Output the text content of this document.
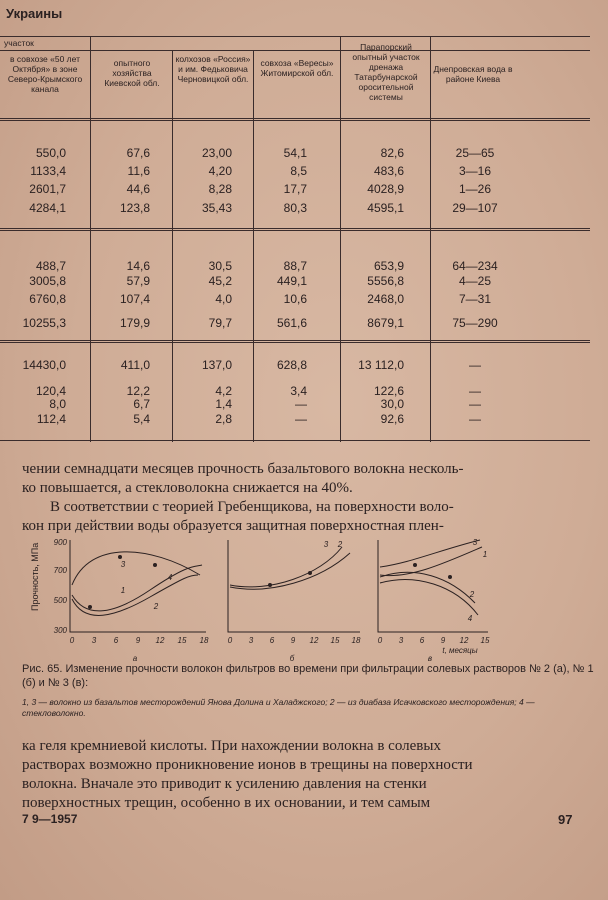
Украины
участок
в совхозе «50 лет Октября» в зоне Северо-Крымского канала
опытного хозяйства Киевской обл.
колхозов «Россия» и им. Федьковича Черновицкой обл.
совхоза «Вересы» Житомирской обл.
Парапорский опытный участок дренажа Татарбунарской оросительной системы
Днепровская вода в районе Киева
550,0	67,6	23,00	54,1	82,6	25—65
1133,4	11,6	4,20	8,5	483,6	3—16
2601,7	44,6	8,28	17,7	4028,9	1—26
4284,1	123,8	35,43	80,3	4595,1	29—107
488,7	14,6	30,5	88,7	653,9	64—234
3005,8	57,9	45,2	449,1	5556,8	4—25
6760,8	107,4	4,0	10,6	2468,0	7—31
10255,3	179,9	79,7	561,6	8679,1	75—290
14430,0	411,0	137,0	628,8	13 112,0	—
120,4	12,2	4,2	3,4	122,6	—
8,0	6,7	1,4	—	30,0	—
112,4	5,4	2,8	—	92,6	—
чении семнадцати месяцев прочность базальтового волокна несколь-
ко повышается, а стекловолокна снижается на 40%.
В соответствии с теорией Гребенщикова, на поверхности воло-
кон при действии воды образуется защитная поверхностная плен-
Прочность, МПа
900
700
500
300
0 3 6 9 12 15 18 0 3 6 9 12 15 18 0 3 6 9 12 15
t, месяцы
а	б	в
3
1
4
2
3 2	3
1
2
4
Рис. 65. Изменение прочности волокон фильтров во времени при фильтрации солевых растворов № 2 (а), № 1 (б) и № 3 (в):
1, 3 — волокно из базальтов месторождений Янова Долина и Халаджского; 2 — из диабаза Исачковского месторождения; 4 — стекловолокно.
ка геля кремниевой кислоты. При нахождении волокна в солевых
растворах возможно проникновение ионов в трещины на поверхности
волокна. Вначале это приводит к усилению давления на стенки
поверхностных трещин, особенно в их основании, и тем самым
7 9—1957	97
